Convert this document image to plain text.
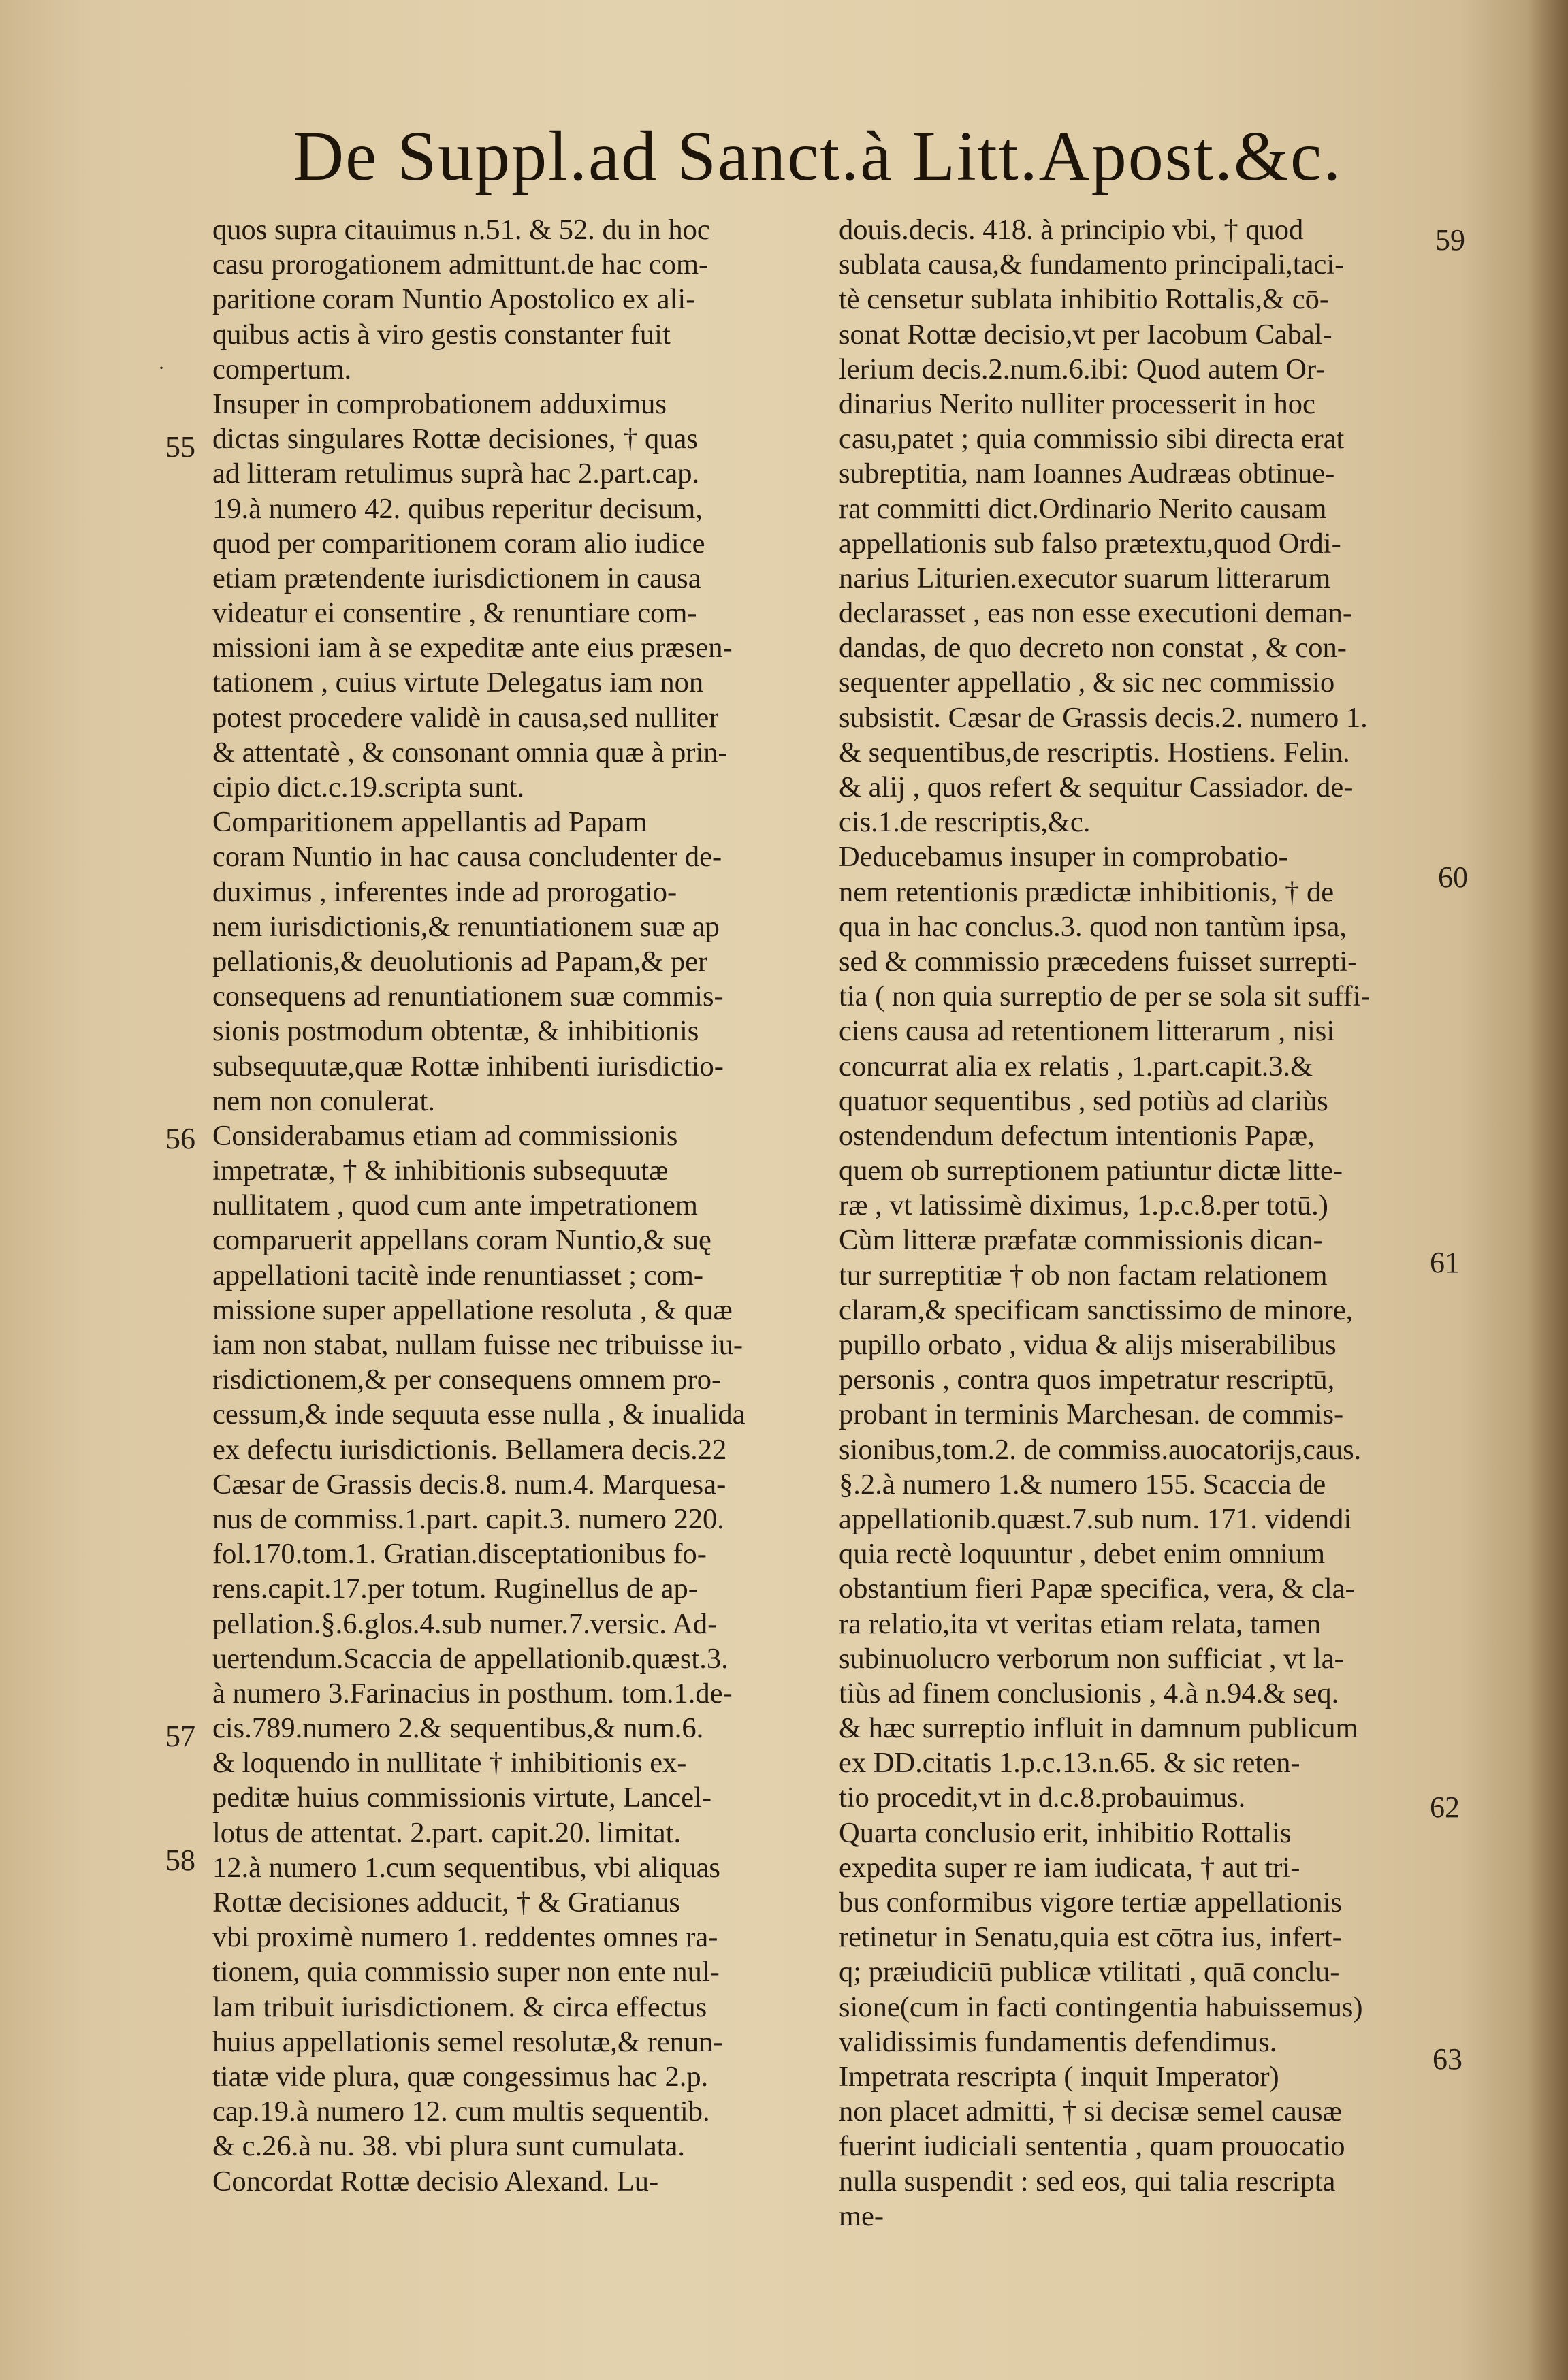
De Suppl.ad Sanct.à Litt.Apost.&c.
quos supra citauimus n.51. & 52. du in hoc
casu prorogationem admittunt.de hac com-
paritione coram Nuntio Apostolico ex ali-
quibus actis à viro gestis constanter fuit
compertum.
Insuper in comprobationem adduximus
dictas singulares Rottæ decisiones, † quas
ad litteram retulimus suprà hac 2.part.cap.
19.à numero 42. quibus reperitur decisum,
quod per comparitionem coram alio iudice
etiam prætendente iurisdictionem in causa
videatur ei consentire , & renuntiare com-
missioni iam à se expeditæ ante eius præsen-
tationem , cuius virtute Delegatus iam non
potest procedere validè in causa,sed nulliter
& attentatè , & consonant omnia quæ à prin-
cipio dict.c.19.scripta sunt.
Comparitionem appellantis ad Papam
coram Nuntio in hac causa concludenter de-
duximus , inferentes inde ad prorogatio-
nem iurisdictionis,& renuntiationem suæ ap
pellationis,& deuolutionis ad Papam,& per
consequens ad renuntiationem suæ commis-
sionis postmodum obtentæ, & inhibitionis
subsequutæ,quæ Rottæ inhibenti iurisdictio-
nem non conulerat.
Considerabamus etiam ad commissionis
impetratæ, † & inhibitionis subsequutæ
nullitatem , quod cum ante impetrationem
comparuerit appellans coram Nuntio,& suę
appellationi tacitè inde renuntiasset ; com-
missione super appellatione resoluta , & quæ
iam non stabat, nullam fuisse nec tribuisse iu-
risdictionem,& per consequens omnem pro-
cessum,& inde sequuta esse nulla , & inualida
ex defectu iurisdictionis. Bellamera decis.22
Cæsar de Grassis decis.8. num.4. Marquesa-
nus de commiss.1.part. capit.3. numero 220.
fol.170.tom.1. Gratian.disceptationibus fo-
rens.capit.17.per totum. Ruginellus de ap-
pellation.§.6.glos.4.sub numer.7.versic. Ad-
uertendum.Scaccia de appellationib.quæst.3.
à numero 3.Farinacius in posthum. tom.1.de-
cis.789.numero 2.& sequentibus,& num.6.
& loquendo in nullitate † inhibitionis ex-
peditæ huius commissionis virtute, Lancel-
lotus de attentat. 2.part. capit.20. limitat.
12.à numero 1.cum sequentibus, vbi aliquas
Rottæ decisiones adducit, † & Gratianus
vbi proximè numero 1. reddentes omnes ra-
tionem, quia commissio super non ente nul-
lam tribuit iurisdictionem. & circa effectus
huius appellationis semel resolutæ,& renun-
tiatæ vide plura, quæ congessimus hac 2.p.
cap.19.à numero 12. cum multis sequentib.
& c.26.à nu. 38. vbi plura sunt cumulata.
Concordat Rottæ decisio Alexand. Lu-
douis.decis. 418. à principio vbi, † quod
sublata causa,& fundamento principali,taci-
tè censetur sublata inhibitio Rottalis,& cō-
sonat Rottæ decisio,vt per Iacobum Cabal-
lerium decis.2.num.6.ibi: Quod autem Or-
dinarius Nerito nulliter processerit in hoc
casu,patet ; quia commissio sibi directa erat
subreptitia, nam Ioannes Audræas obtinue-
rat committi dict.Ordinario Nerito causam
appellationis sub falso prætextu,quod Ordi-
narius Liturien.executor suarum litterarum
declarasset , eas non esse executioni deman-
dandas, de quo decreto non constat , & con-
sequenter appellatio , & sic nec commissio
subsistit. Cæsar de Grassis decis.2. numero 1.
& sequentibus,de rescriptis. Hostiens. Felin.
& alij , quos refert & sequitur Cassiador. de-
cis.1.de rescriptis,&c.
Deducebamus insuper in comprobatio-
nem retentionis prædictæ inhibitionis, † de
qua in hac conclus.3. quod non tantùm ipsa,
sed & commissio præcedens fuisset surrepti-
tia ( non quia surreptio de per se sola sit suffi-
ciens causa ad retentionem litterarum , nisi
concurrat alia ex relatis , 1.part.capit.3.&
quatuor sequentibus , sed potiùs ad clariùs
ostendendum defectum intentionis Papæ,
quem ob surreptionem patiuntur dictæ litte-
ræ , vt latissimè diximus, 1.p.c.8.per totū.)
Cùm litteræ præfatæ commissionis dican-
tur surreptitiæ † ob non factam relationem
claram,& specificam sanctissimo de minore,
pupillo orbato , vidua & alijs miserabilibus
personis , contra quos impetratur rescriptū,
probant in terminis Marchesan. de commis-
sionibus,tom.2. de commiss.auocatorijs,caus.
§.2.à numero 1.& numero 155. Scaccia de
appellationib.quæst.7.sub num. 171. videndi
quia rectè loquuntur , debet enim omnium
obstantium fieri Papæ specifica, vera, & cla-
ra relatio,ita vt veritas etiam relata, tamen
subinuolucro verborum non sufficiat , vt la-
tiùs ad finem conclusionis , 4.à n.94.& seq.
& hæc surreptio influit in damnum publicum
ex DD.citatis 1.p.c.13.n.65. & sic reten-
tio procedit,vt in d.c.8.probauimus.
Quarta conclusio erit, inhibitio Rottalis
expedita super re iam iudicata, † aut tri-
bus conformibus vigore tertiæ appellationis
retinetur in Senatu,quia est cōtra ius, infert-
q; præiudiciū publicæ vtilitati , quā conclu-
sione(cum in facti contingentia habuissemus)
validissimis fundamentis defendimus.
Impetrata rescripta ( inquit Imperator)
non placet admitti, † si decisæ semel causæ
fuerint iudiciali sententia , quam prouocatio
nulla suspendit : sed eos, qui talia rescripta
me-
55
56
57
58
59
60
61
62
63
·
